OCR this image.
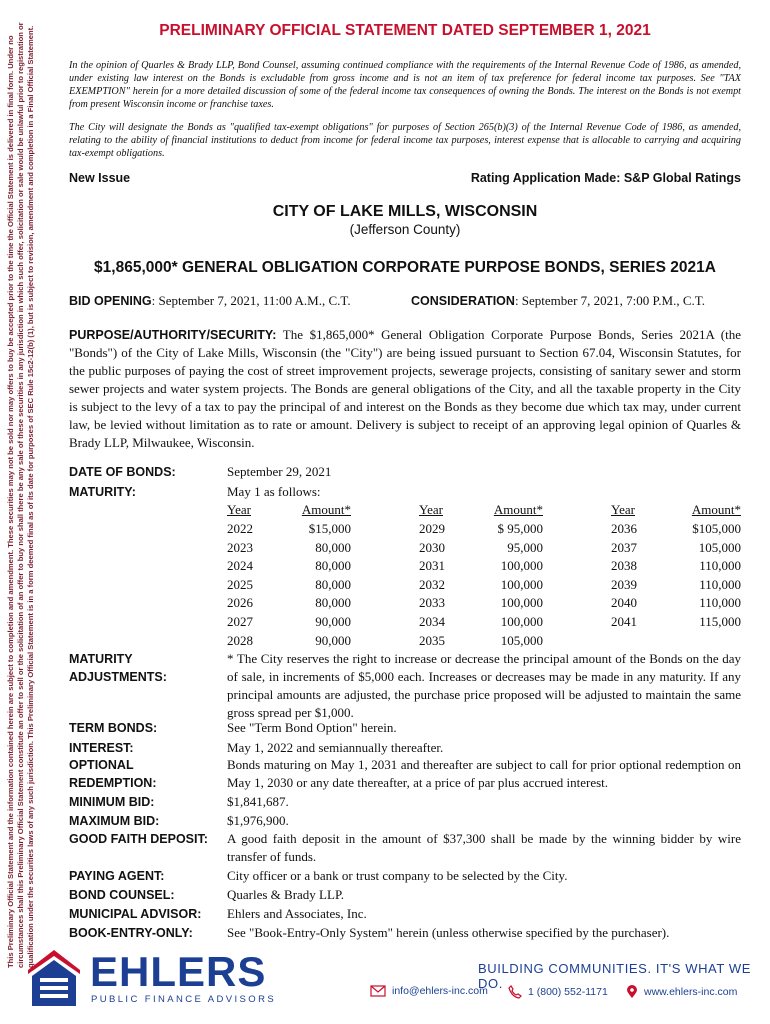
This Preliminary Official Statement and the information contained herein are subject to completion and amendment. These securities may not be sold nor may offers to buy be accepted prior to the time the Official Statement is delivered in final form. Under no circumstances shall this Preliminary Official Statement constitute an offer to sell or the solicitation of an offer to buy nor shall there be any sale of these securities in any jurisdiction in which such offer, solicitation or sale would be unlawful prior to registration or qualification under the securities laws of any such jurisdiction. This Preliminary Official Statement is in a form deemed final as of its date for purposes of SEC Rule 15c2-12(b) (1), but is subject to revision, amendment and completion in a Final Official Statement.	PRELIMINARY OFFICIAL STATEMENT DATED SEPTEMBER 1, 2021
In the opinion of Quarles & Brady LLP, Bond Counsel, assuming continued compliance with the requirements of the Internal Revenue Code of 1986, as amended, under existing law interest on the Bonds is excludable from gross income and is not an item of tax preference for federal income tax purposes. See "TAX EXEMPTION" herein for a more detailed discussion of some of the federal income tax consequences of owning the Bonds. The interest on the Bonds is not exempt from present Wisconsin income or franchise taxes.
The City will designate the Bonds as "qualified tax-exempt obligations" for purposes of Section 265(b)(3) of the Internal Revenue Code of 1986, as amended, relating to the ability of financial institutions to deduct from income for federal income tax purposes, interest expense that is allocable to carrying and acquiring tax-exempt obligations.
New Issue	Rating Application Made: S&P Global Ratings
CITY OF LAKE MILLS, WISCONSIN
(Jefferson County)
$1,865,000* GENERAL OBLIGATION CORPORATE PURPOSE BONDS, SERIES 2021A
BID OPENING: September 7, 2021, 11:00 A.M., C.T.	CONSIDERATION: September 7, 2021, 7:00 P.M., C.T.
PURPOSE/AUTHORITY/SECURITY: The $1,865,000* General Obligation Corporate Purpose Bonds, Series 2021A (the "Bonds") of the City of Lake Mills, Wisconsin (the "City") are being issued pursuant to Section 67.04, Wisconsin Statutes, for the public purposes of paying the cost of street improvement projects, sewerage projects, consisting of sanitary sewer and storm sewer projects and water system projects. The Bonds are general obligations of the City, and all the taxable property in the City is subject to the levy of a tax to pay the principal of and interest on the Bonds as they become due which tax may, under current law, be levied without limitation as to rate or amount. Delivery is subject to receipt of an approving legal opinion of Quarles & Brady LLP, Milwaukee, Wisconsin.
DATE OF BONDS:	September 29, 2021
MATURITY:	May 1 as follows:
Year	Amount*
2022	$15,000
2023	80,000
2024	80,000
2025	80,000
2026	80,000
2027	90,000
2028	90,000
Year	Amount*
2029	$ 95,000
2030	95,000
2031	100,000
2032	100,000
2033	100,000
2034	100,000
2035	105,000
Year	Amount*
2036	$105,000
2037	105,000
2038	110,000
2039	110,000
2040	110,000
2041	115,000
MATURITY
ADJUSTMENTS:
* The City reserves the right to increase or decrease the principal amount of the Bonds on the day of sale, in increments of $5,000 each. Increases or decreases may be made in any maturity. If any principal amounts are adjusted, the purchase price proposed will be adjusted to maintain the same gross spread per $1,000.
TERM BONDS:	See "Term Bond Option" herein.
INTEREST:	May 1, 2022 and semiannually thereafter.
OPTIONAL
REDEMPTION:
Bonds maturing on May 1, 2031 and thereafter are subject to call for prior optional redemption on May 1, 2030 or any date thereafter, at a price of par plus accrued interest.
MINIMUM BID:	$1,841,687.
MAXIMUM BID:	$1,976,900.
GOOD FAITH DEPOSIT: A good faith deposit in the amount of $37,300 shall be made by the winning bidder by wire transfer of funds.
PAYING AGENT:	City officer or a bank or trust company to be selected by the City.
BOND COUNSEL:	Quarles & Brady LLP.
MUNICIPAL ADVISOR: Ehlers and Associates, Inc.
BOOK-ENTRY-ONLY:	See "Book-Entry-Only System" herein (unless otherwise specified by the purchaser).
EHLERS
PUBLIC FINANCE ADVISORS
BUILDING COMMUNITIES. IT'S WHAT WE DO.
info@ehlers-inc.com	1 (800) 552-1171	www.ehlers-inc.com
